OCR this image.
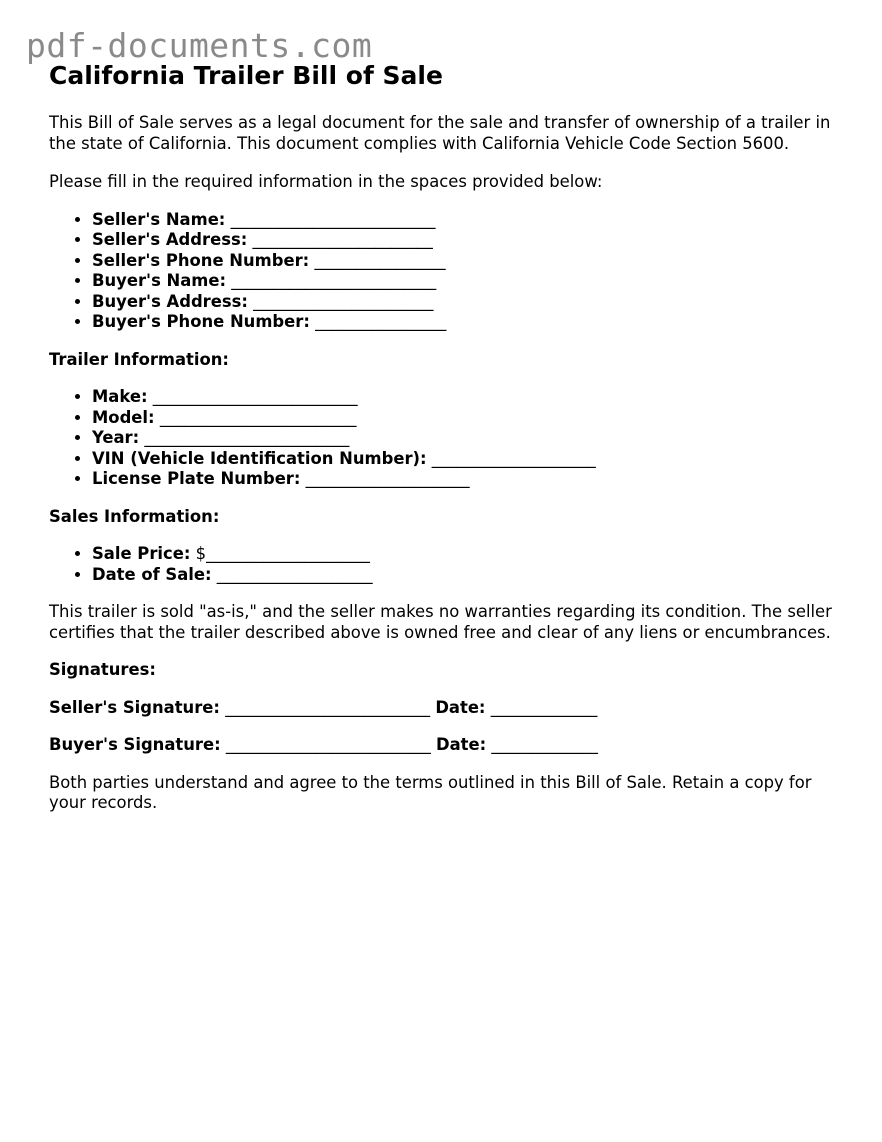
pdf-documents.com
California Trailer Bill of Sale

This Bill of Sale serves as a legal document for the sale and transfer of ownership of a trailer in the state of California. This document complies with California Vehicle Code Section 5600.

Please fill in the required information in the spaces provided below:

• Seller's Name: _________________________
• Seller's Address: ______________________
• Seller's Phone Number: ________________
• Buyer's Name: _________________________
• Buyer's Address: ______________________
• Buyer's Phone Number: ________________

Trailer Information:

• Make: _________________________
• Model: ________________________
• Year: _________________________
• VIN (Vehicle Identification Number): ____________________
• License Plate Number: ____________________

Sales Information:

• Sale Price: $____________________
• Date of Sale: ___________________

This trailer is sold "as-is," and the seller makes no warranties regarding its condition. The seller certifies that the trailer described above is owned free and clear of any liens or encumbrances.

Signatures:

Seller's Signature: _________________________ Date: _____________

Buyer's Signature: _________________________ Date: _____________

Both parties understand and agree to the terms outlined in this Bill of Sale. Retain a copy for your records.
